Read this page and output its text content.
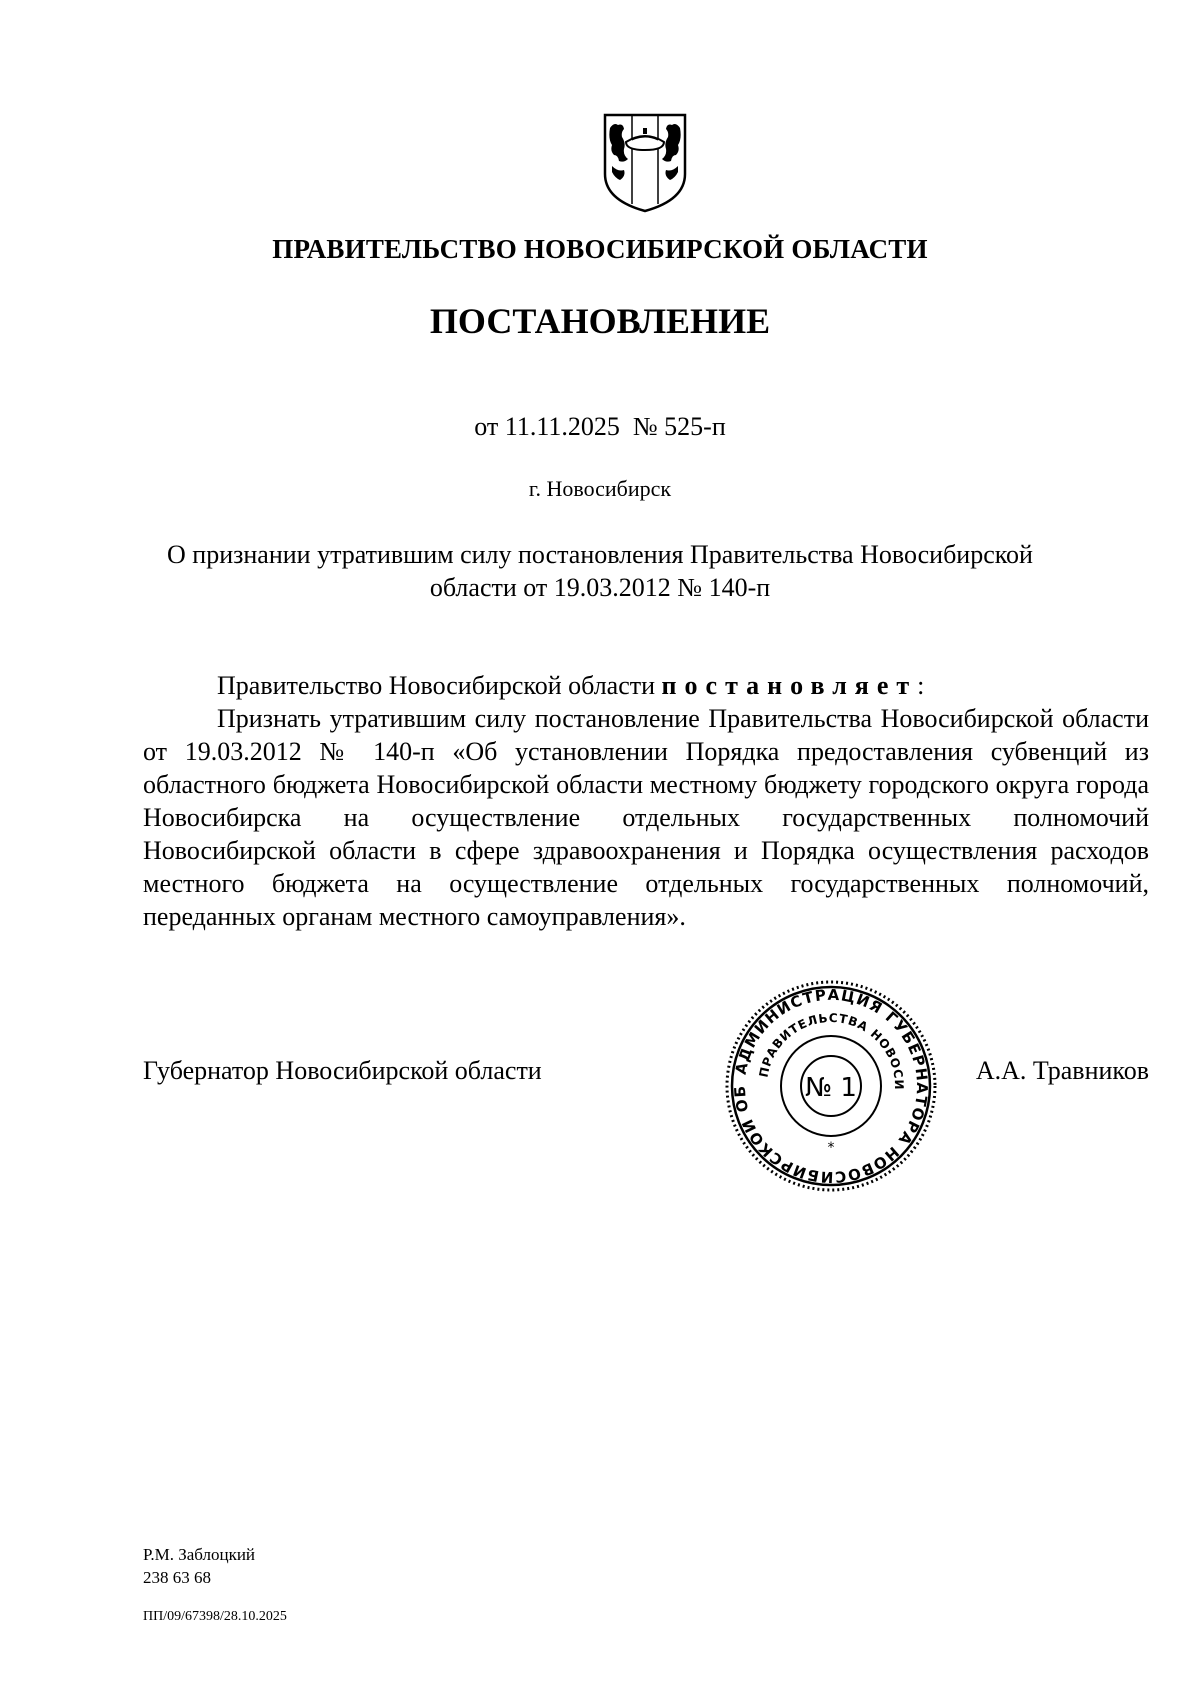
ПРАВИТЕЛЬСТВО НОВОСИБИРСКОЙ ОБЛАСТИ
ПОСТАНОВЛЕНИЕ
от 11.11.2025  № 525-п
г. Новосибирск
О признании утратившим силу постановления Правительства Новосибирской
области от 19.03.2012 № 140-п
Правительство Новосибирской области постановляет:
Признать утратившим силу постановление Правительства Новосибирской области от 19.03.2012 № 140-п «Об установлении Порядка предоставления субвенций из областного бюджета Новосибирской области местному бюджету городского округа города Новосибирска на осуществление отдельных государственных полномочий Новосибирской области в сфере здравоохранения и Порядка осуществления расходов местного бюджета на осуществление отдельных государственных полномочий, переданных органам местного самоуправления».
Губернатор Новосибирской области	А.А. Травников
АДМИНИСТРАЦИЯ ГУБЕРНАТОРА НОВОСИБИРСКОЙ ОБ
ПРАВИТЕЛЬСТВА НОВОСИ
№ 1
*
Р.М. Заблоцкий
238 63 68
ПП/09/67398/28.10.2025
